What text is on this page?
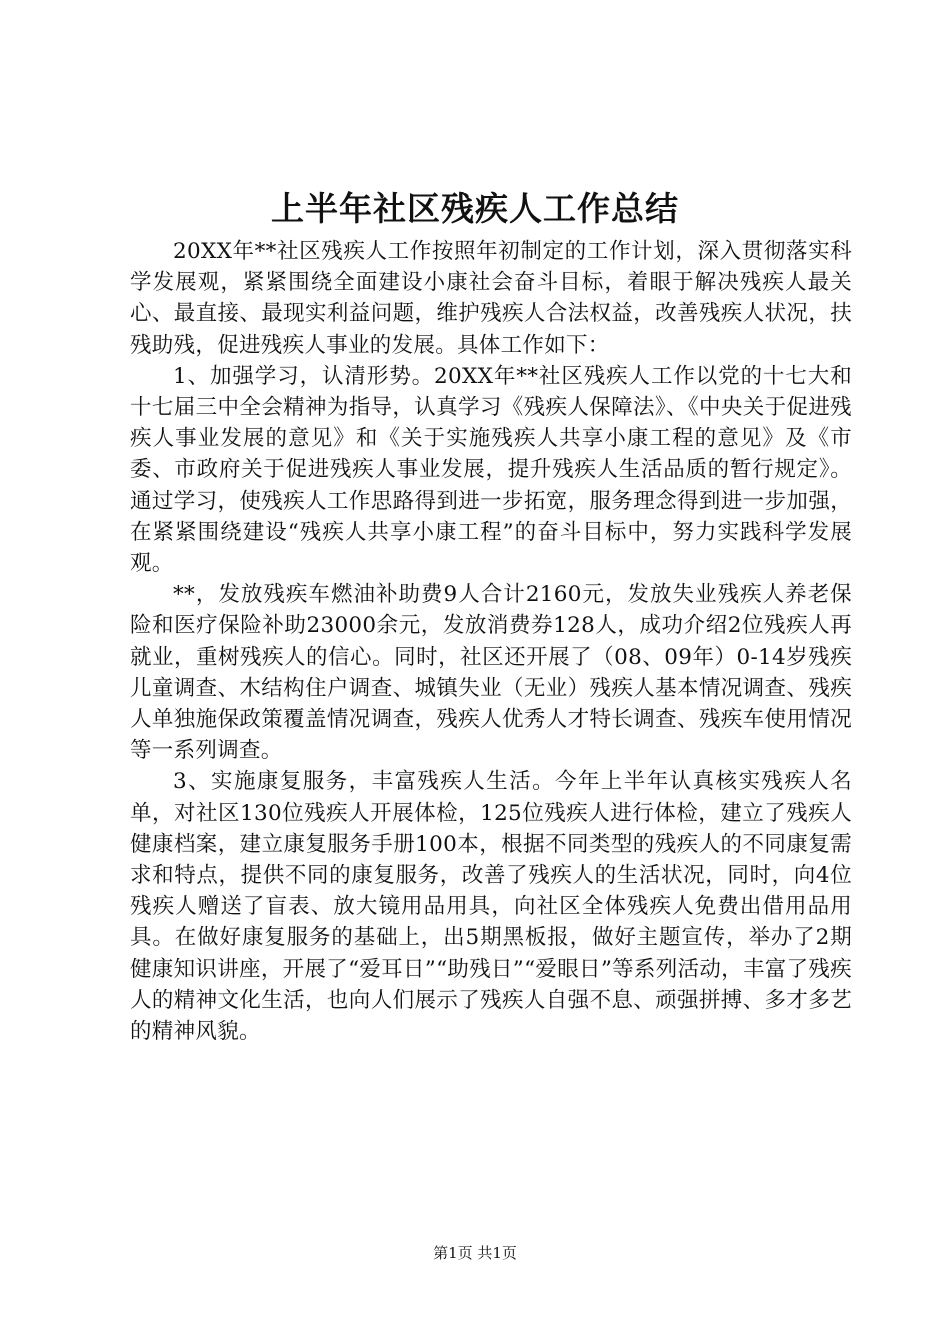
上半年社区残疾人工作总结

20XX年**社区残疾人工作按照年初制定的工作计划，深入贯彻落实科学发展观，紧紧围绕全面建设小康社会奋斗目标，着眼于解决残疾人最关心、最直接、最现实利益问题，维护残疾人合法权益，改善残疾人状况，扶残助残，促进残疾人事业的发展。具体工作如下：

1、加强学习，认清形势。20XX年**社区残疾人工作以党的十七大和十七届三中全会精神为指导，认真学习《残疾人保障法》、《中央关于促进残疾人事业发展的意见》和《关于实施残疾人共享小康工程的意见》及《市委、市政府关于促进残疾人事业发展，提升残疾人生活品质的暂行规定》。通过学习，使残疾人工作思路得到进一步拓宽，服务理念得到进一步加强，在紧紧围绕建设“残疾人共享小康工程”的奋斗目标中，努力实践科学发展观。

**，发放残疾车燃油补助费9人合计2160元，发放失业残疾人养老保险和医疗保险补助23000余元，发放消费券128人，成功介绍2位残疾人再就业，重树残疾人的信心。同时，社区还开展了（08、09年）0-14岁残疾儿童调查、木结构住户调查、城镇失业（无业）残疾人基本情况调查、残疾人单独施保政策覆盖情况调查，残疾人优秀人才特长调查、残疾车使用情况等一系列调查。

3、实施康复服务，丰富残疾人生活。今年上半年认真核实残疾人名单，对社区130位残疾人开展体检，125位残疾人进行体检，建立了残疾人健康档案，建立康复服务手册100本，根据不同类型的残疾人的不同康复需求和特点，提供不同的康复服务，改善了残疾人的生活状况，同时，向4位残疾人赠送了盲表、放大镜用品用具，向社区全体残疾人免费出借用品用具。在做好康复服务的基础上，出5期黑板报，做好主题宣传，举办了2期健康知识讲座，开展了“爱耳日”“助残日”“爱眼日”等系列活动，丰富了残疾人的精神文化生活，也向人们展示了残疾人自强不息、顽强拼搏、多才多艺的精神风貌。

第1页 共1页
